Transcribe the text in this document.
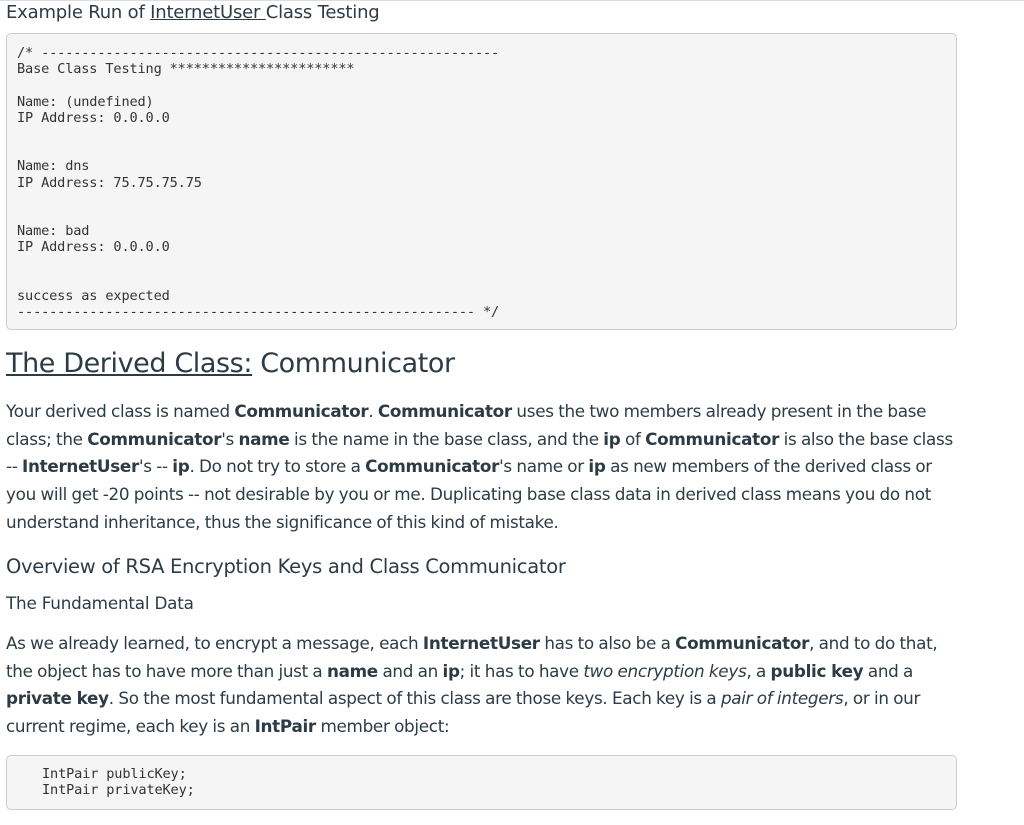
Example Run of InternetUser Class Testing
/* ---------------------------------------------------------
Base Class Testing ***********************
Name: (undefined)
IP Address: 0.0.0.0
Name: dns
IP Address: 75.75.75.75
Name: bad
IP Address: 0.0.0.0
success as expected
--------------------------------------------------------- */
The Derived Class: Communicator
Your derived class is named Communicator. Communicator uses the two members already present in the base class; the Communicator's name is the name in the base class, and the ip of Communicator is also the base class -- InternetUser's -- ip. Do not try to store a Communicator's name or ip as new members of the derived class or you will get -20 points -- not desirable by you or me. Duplicating base class data in derived class means you do not understand inheritance, thus the significance of this kind of mistake.
Overview of RSA Encryption Keys and Class Communicator
The Fundamental Data
As we already learned, to encrypt a message, each InternetUser has to also be a Communicator, and to do that, the object has to have more than just a name and an ip; it has to have two encryption keys, a public key and a private key. So the most fundamental aspect of this class are those keys. Each key is a pair of integers, or in our current regime, each key is an IntPair member object:
IntPair publicKey;
IntPair privateKey;
